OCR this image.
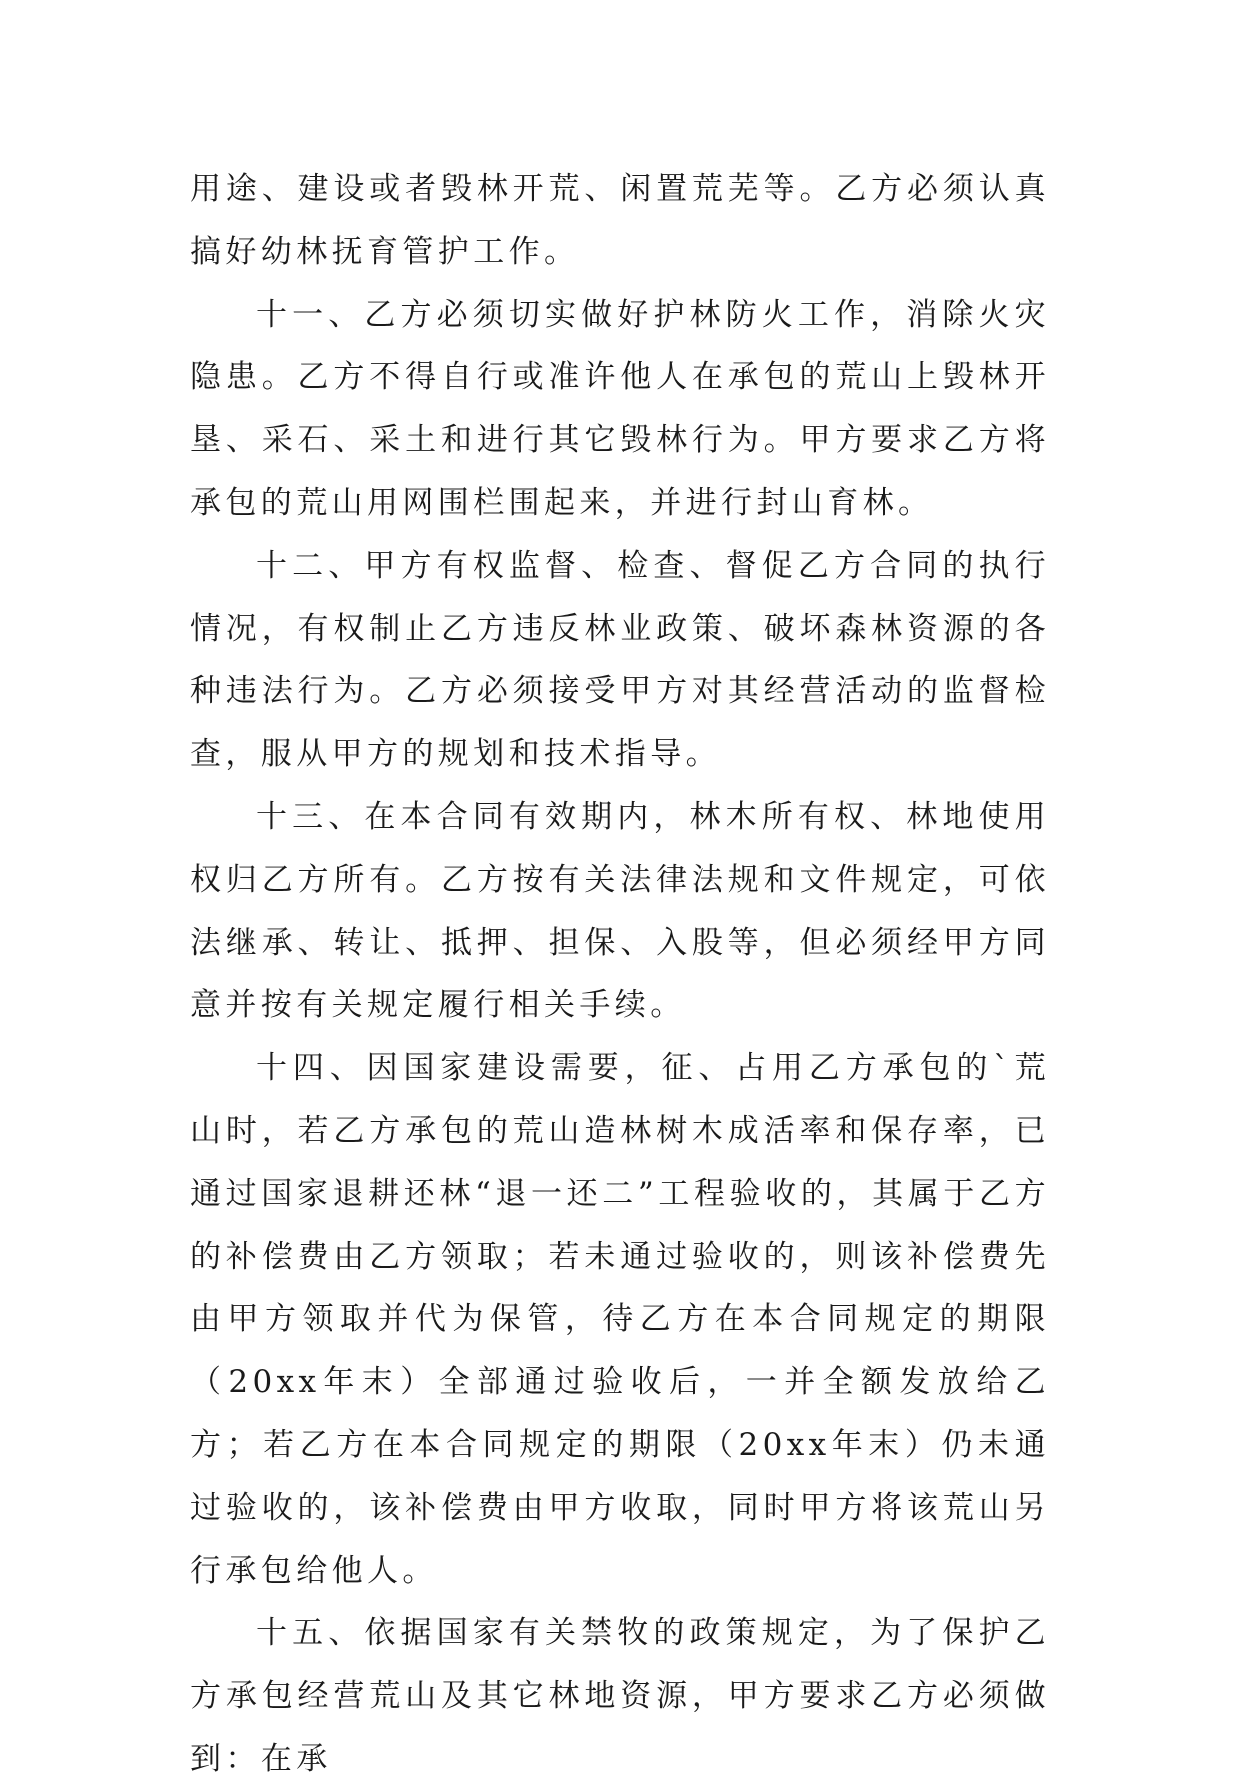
用途、建设或者毁林开荒、闲置荒芜等。乙方必须认真搞好幼林抚育管护工作。

十一、乙方必须切实做好护林防火工作，消除火灾隐患。乙方不得自行或准许他人在承包的荒山上毁林开垦、采石、采土和进行其它毁林行为。甲方要求乙方将承包的荒山用网围栏围起来，并进行封山育林。

十二、甲方有权监督、检查、督促乙方合同的执行情况，有权制止乙方违反林业政策、破坏森林资源的各种违法行为。乙方必须接受甲方对其经营活动的监督检查，服从甲方的规划和技术指导。

十三、在本合同有效期内，林木所有权、林地使用权归乙方所有。乙方按有关法律法规和文件规定，可依法继承、转让、抵押、担保、入股等，但必须经甲方同意并按有关规定履行相关手续。

十四、因国家建设需要，征、占用乙方承包的`荒山时，若乙方承包的荒山造林树木成活率和保存率，已通过国家退耕还林“退一还二”工程验收的，其属于乙方的补偿费由乙方领取；若未通过验收的，则该补偿费先由甲方领取并代为保管，待乙方在本合同规定的期限（20xx年末）全部通过验收后，一并全额发放给乙方；若乙方在本合同规定的期限（20xx年末）仍未通过验收的，该补偿费由甲方收取，同时甲方将该荒山另行承包给他人。

十五、依据国家有关禁牧的政策规定，为了保护乙方承包经营荒山及其它林地资源，甲方要求乙方必须做到：在承
